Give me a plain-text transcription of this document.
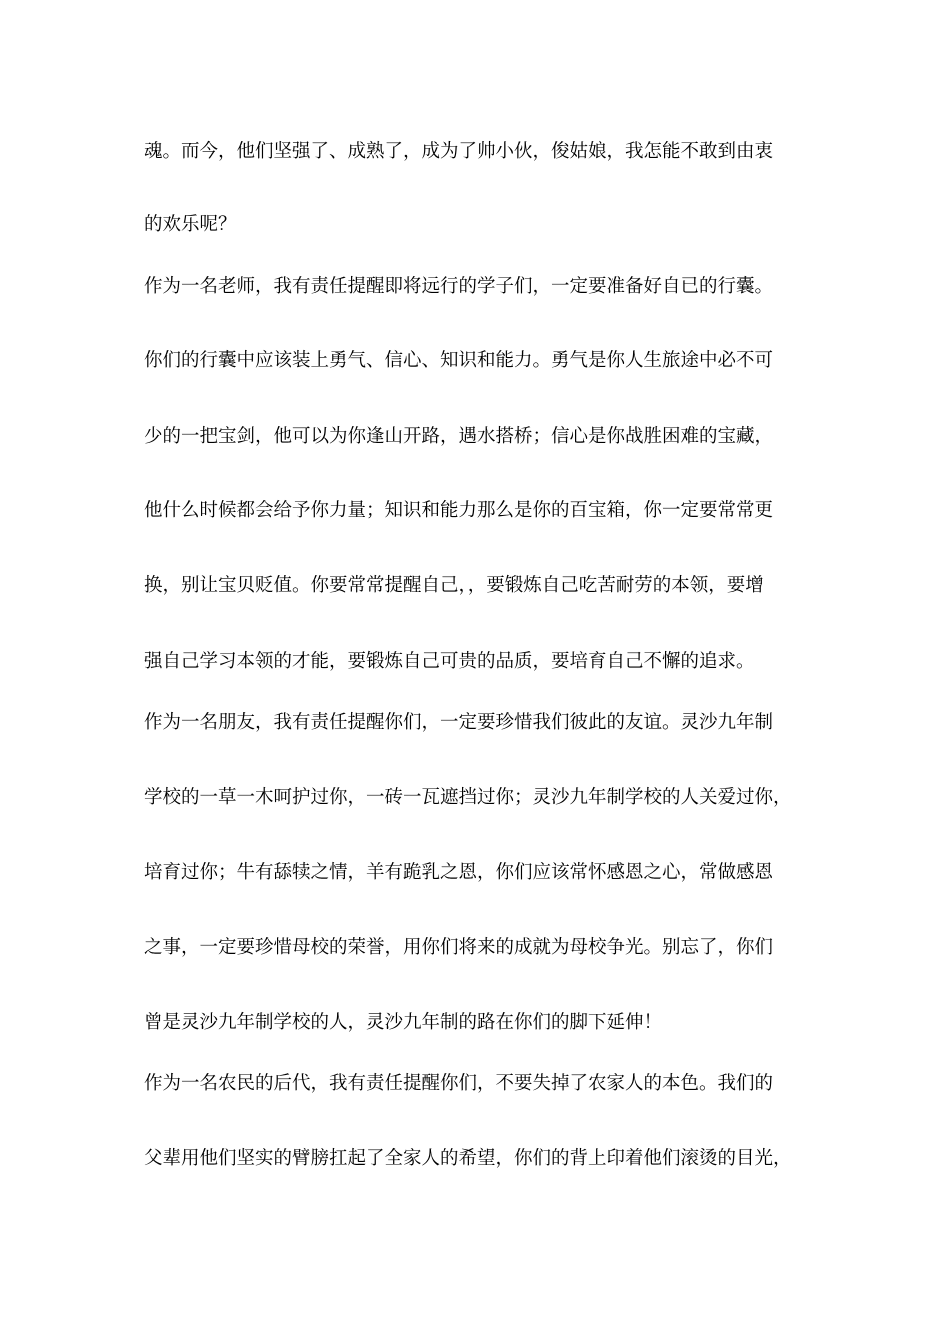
魂。而今，他们坚强了、成熟了，成为了帅小伙，俊姑娘，我怎能不敢到由衷
的欢乐呢？
作为一名老师，我有责任提醒即将远行的学子们，一定要准备好自已的行囊。
你们的行囊中应该装上勇气、信心、知识和能力。勇气是你人生旅途中必不可
少的一把宝剑，他可以为你逢山开路，遇水搭桥；信心是你战胜困难的宝藏，
他什么时候都会给予你力量；知识和能力那么是你的百宝箱，你一定要常常更
换，别让宝贝贬值。你要常常提醒自己，，要锻炼自己吃苦耐劳的本领，要增
强自己学习本领的才能，要锻炼自己可贵的品质，要培育自己不懈的追求。
作为一名朋友，我有责任提醒你们，一定要珍惜我们彼此的友谊。灵沙九年制
学校的一草一木呵护过你，一砖一瓦遮挡过你；灵沙九年制学校的人关爱过你，
培育过你；牛有舔犊之情，羊有跪乳之恩，你们应该常怀感恩之心，常做感恩
之事，一定要珍惜母校的荣誉，用你们将来的成就为母校争光。别忘了，你们
曾是灵沙九年制学校的人，灵沙九年制的路在你们的脚下延伸！
作为一名农民的后代，我有责任提醒你们，不要失掉了农家人的本色。我们的
父辈用他们坚实的臂膀扛起了全家人的希望，你们的背上印着他们滚烫的目光，
